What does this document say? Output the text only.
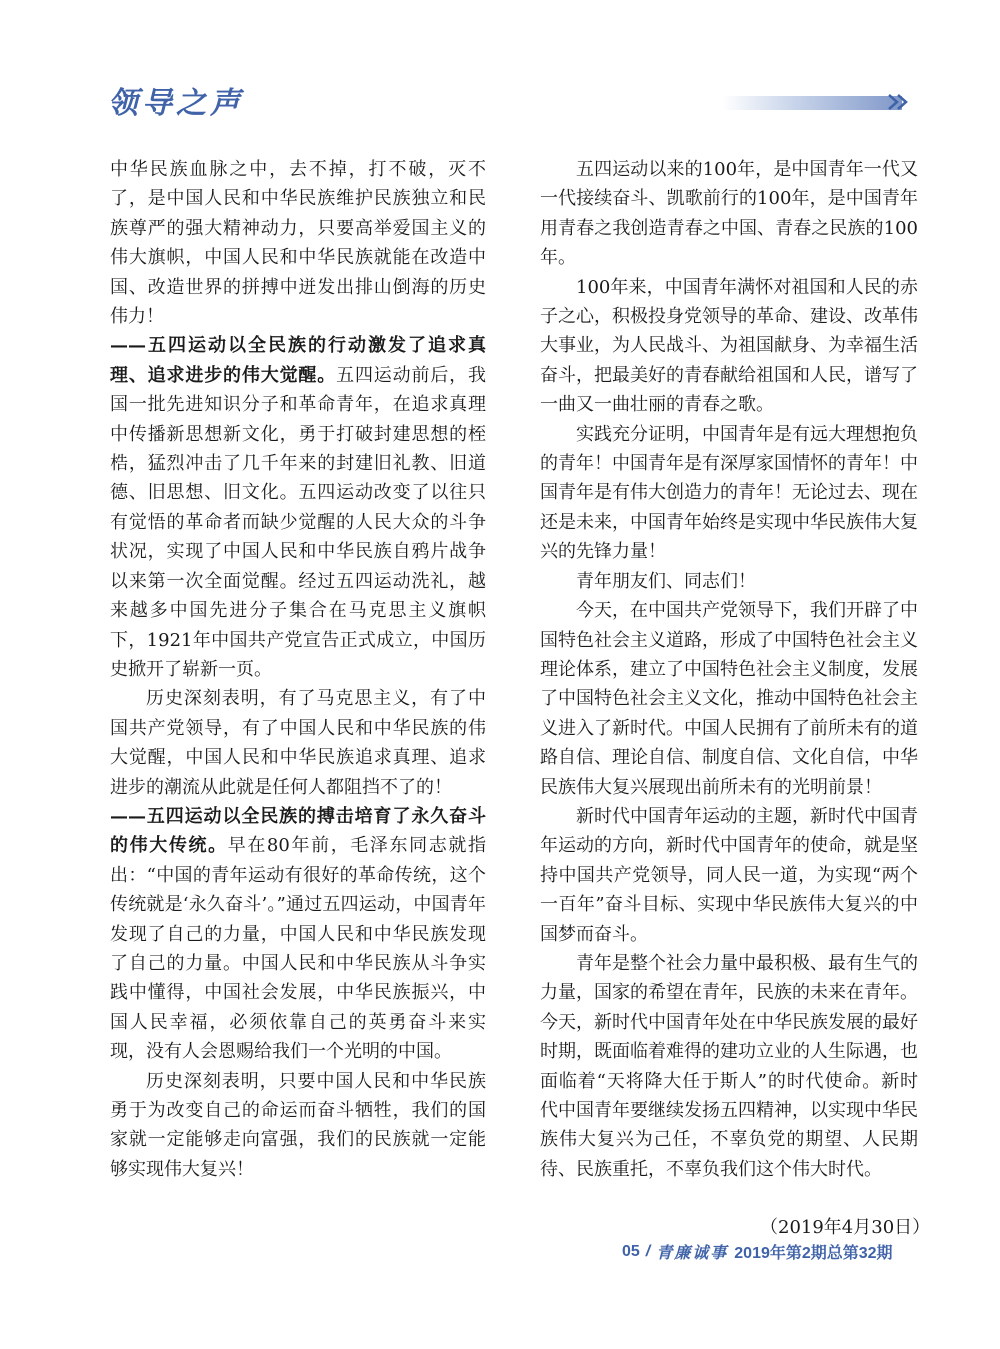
领导之声

中华民族血脉之中，去不掉，打不破，灭不了，是中国人民和中华民族维护民族独立和民族尊严的强大精神动力，只要高举爱国主义的伟大旗帜，中国人民和中华民族就能在改造中国、改造世界的拼搏中迸发出排山倒海的历史伟力！

——五四运动以全民族的行动激发了追求真理、追求进步的伟大觉醒。五四运动前后，我国一批先进知识分子和革命青年，在追求真理中传播新思想新文化，勇于打破封建思想的桎梏，猛烈冲击了几千年来的封建旧礼教、旧道德、旧思想、旧文化。五四运动改变了以往只有觉悟的革命者而缺少觉醒的人民大众的斗争状况，实现了中国人民和中华民族自鸦片战争以来第一次全面觉醒。经过五四运动洗礼，越来越多中国先进分子集合在马克思主义旗帜下，1921年中国共产党宣告正式成立，中国历史掀开了崭新一页。

历史深刻表明，有了马克思主义，有了中国共产党领导，有了中国人民和中华民族的伟大觉醒，中国人民和中华民族追求真理、追求进步的潮流从此就是任何人都阻挡不了的！

——五四运动以全民族的搏击培育了永久奋斗的伟大传统。早在80年前，毛泽东同志就指出：“中国的青年运动有很好的革命传统，这个传统就是‘永久奋斗’。”通过五四运动，中国青年发现了自己的力量，中国人民和中华民族发现了自己的力量。中国人民和中华民族从斗争实践中懂得，中国社会发展，中华民族振兴，中国人民幸福，必须依靠自己的英勇奋斗来实现，没有人会恩赐给我们一个光明的中国。

历史深刻表明，只要中国人民和中华民族勇于为改变自己的命运而奋斗牺牲，我们的国家就一定能够走向富强，我们的民族就一定能够实现伟大复兴！

五四运动以来的100年，是中国青年一代又一代接续奋斗、凯歌前行的100年，是中国青年用青春之我创造青春之中国、青春之民族的100年。

100年来，中国青年满怀对祖国和人民的赤子之心，积极投身党领导的革命、建设、改革伟大事业，为人民战斗、为祖国献身、为幸福生活奋斗，把最美好的青春献给祖国和人民，谱写了一曲又一曲壮丽的青春之歌。

实践充分证明，中国青年是有远大理想抱负的青年！中国青年是有深厚家国情怀的青年！中国青年是有伟大创造力的青年！无论过去、现在还是未来，中国青年始终是实现中华民族伟大复兴的先锋力量！

青年朋友们、同志们！

今天，在中国共产党领导下，我们开辟了中国特色社会主义道路，形成了中国特色社会主义理论体系，建立了中国特色社会主义制度，发展了中国特色社会主义文化，推动中国特色社会主义进入了新时代。中国人民拥有了前所未有的道路自信、理论自信、制度自信、文化自信，中华民族伟大复兴展现出前所未有的光明前景！

新时代中国青年运动的主题，新时代中国青年运动的方向，新时代中国青年的使命，就是坚持中国共产党领导，同人民一道，为实现“两个一百年”奋斗目标、实现中华民族伟大复兴的中国梦而奋斗。

青年是整个社会力量中最积极、最有生气的力量，国家的希望在青年，民族的未来在青年。今天，新时代中国青年处在中华民族发展的最好时期，既面临着难得的建功立业的人生际遇，也面临着“天将降大任于斯人”的时代使命。新时代中国青年要继续发扬五四精神，以实现中华民族伟大复兴为己任，不辜负党的期望、人民期待、民族重托，不辜负我们这个伟大时代。

（2019年4月30日）
05 / 青廉诚事 2019年第2期总第32期
